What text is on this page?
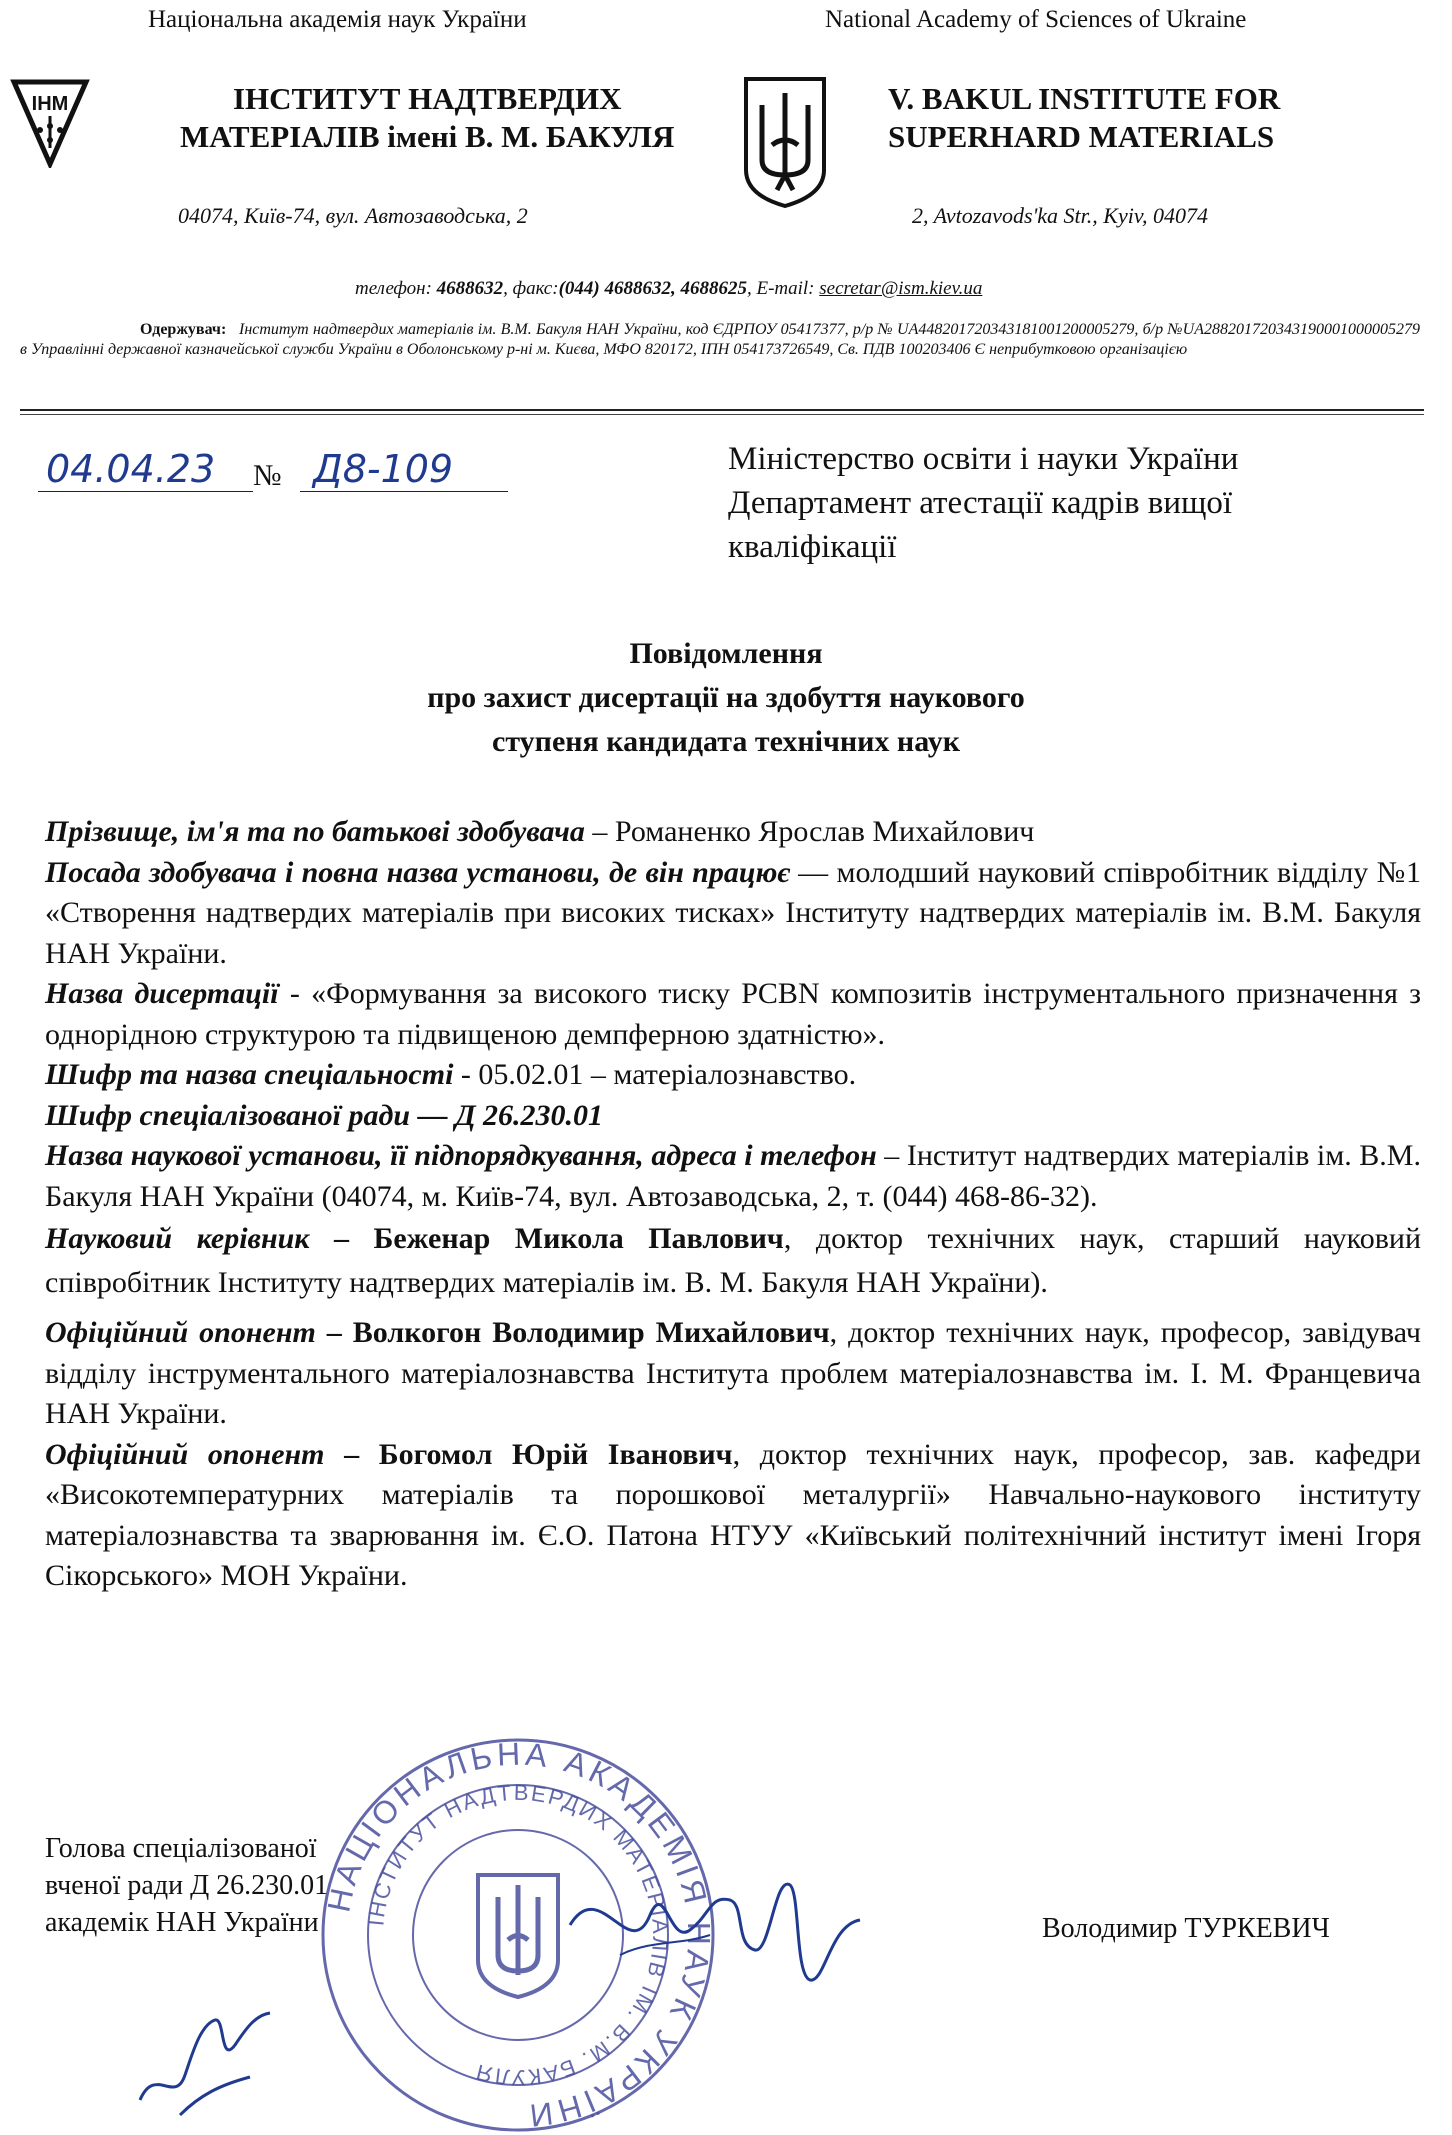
Національна академія наук України	National Academy of Sciences of Ukraine
ІНМ	ІНСТИТУТ НАДТВЕРДИХ
МАТЕРІАЛІВ імені В. М. БАКУЛЯ
V. BAKUL INSTITUTE FOR
SUPERHARD MATERIALS
04074, Київ-74, вул. Автозаводська, 2	2, Avtozavods'ka Str., Kyiv, 04074
телефон: 4688632, факс:(044) 4688632, 4688625, E-mail: secretar@ism.kiev.ua
Одержувач: Інститут надтвердих матеріалів ім. В.М. Бакуля НАН України, код ЄДРПОУ 05417377, р/р № UA448201720343181001200005279, б/р №UA288201720343190001000005279 в Управлінні державної казначейської служби України в Оболонському р-ні м. Києва, МФО 820172, ІПН 054173726549, Св. ПДВ 100203406 Є неприбутковою організацією
04.04.23 № Д8-109	Міністерство освіти і науки України
Департамент атестації кадрів вищої
кваліфікації
Повідомлення
про захист дисертації на здобуття наукового
ступеня кандидата технічних наук

Прізвище, ім'я та по батькові здобувача – Романенко Ярослав Михайлович

Посада здобувача і повна назва установи, де він працює — молодший науковий співробітник відділу №1 «Створення надтвердих матеріалів при високих тисках» Інституту надтвердих матеріалів ім. В.М. Бакуля НАН України.

Назва дисертації - «Формування за високого тиску PCBN композитів інструментального призначення з однорідною структурою та підвищеною демпферною здатністю».

Шифр та назва спеціальності - 05.02.01 – матеріалознавство.

Шифр спеціалізованої ради — Д 26.230.01

Назва наукової установи, її підпорядкування, адреса і телефон – Інститут надтвердих матеріалів ім. В.М. Бакуля НАН України (04074, м. Київ-74, вул. Автозаводська, 2, т. (044) 468-86-32).

Науковий керівник – Беженар Микола Павлович, доктор технічних наук, старший науковий співробітник Інституту надтвердих матеріалів ім. В. М. Бакуля НАН України).

Офіційний опонент – Волкогон Володимир Михайлович, доктор технічних наук, професор, завідувач відділу інструментального матеріалознавства Інститута проблем матеріалознавства ім. І. М. Францевича НАН України.

Офіційний опонент – Богомол Юрій Іванович, доктор технічних наук, професор, зав. кафедри «Високотемпературних матеріалів та порошкової металургії» Навчально-наукового інституту матеріалознавства та зварювання ім. Є.О. Патона НТУУ «Київський політехнічний інститут імені Ігоря Сікорського» МОН України.

Голова спеціалізованої
вченої ради Д 26.230.01
академік НАН України	Володимир ТУРКЕВИЧ
НАЦІОНАЛЬНА АКАДЕМІЯ НАУК УКРАЇНИ
ІНСТИТУТ НАДТВЕРДИХ МАТЕРІАЛІВ ІМ. В.М. БАКУЛЯ
